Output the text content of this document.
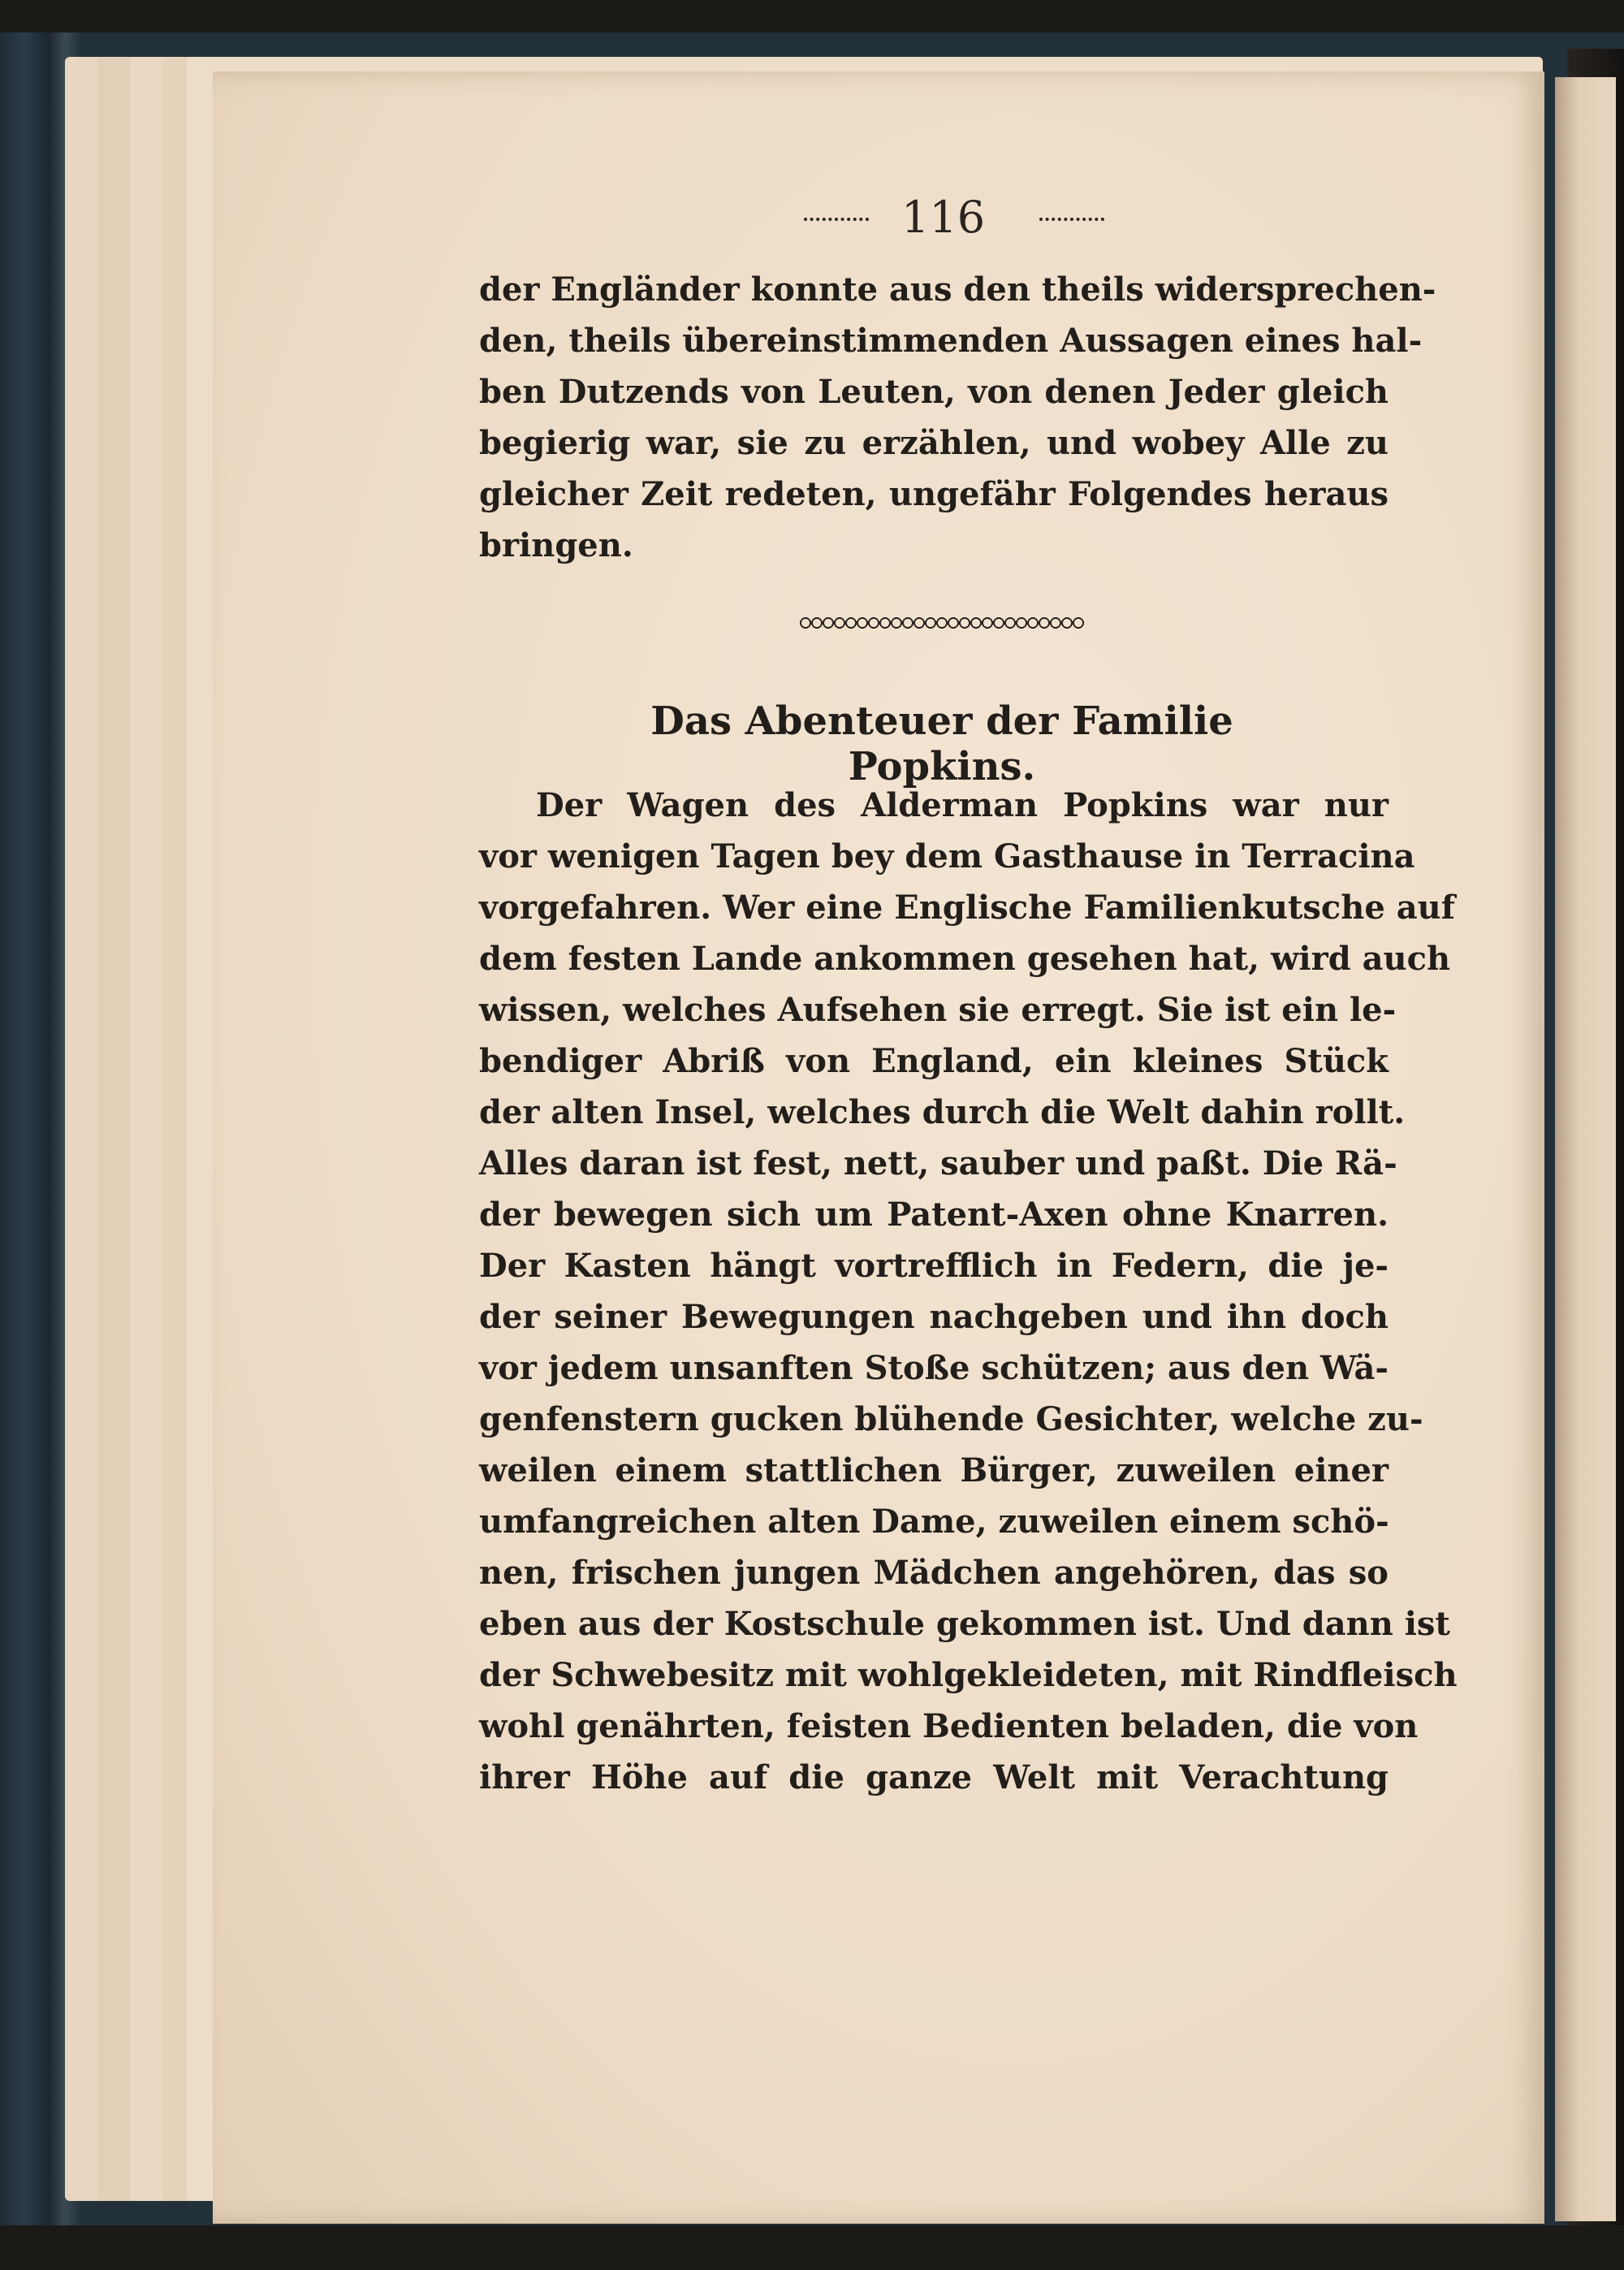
116
der Engländer konnte aus den theils widersprechen-
den, theils übereinstimmenden Aussagen eines hal-
ben Dutzends von Leuten, von denen Jeder gleich
begierig war, sie zu erzählen, und wobey Alle zu
gleicher Zeit redeten, ungefähr Folgendes heraus
bringen.
Das Abenteuer der Familie Popkins.
Der Wagen des Alderman Popkins war nur
vor wenigen Tagen bey dem Gasthause in Terracina
vorgefahren. Wer eine Englische Familienkutsche auf
dem festen Lande ankommen gesehen hat, wird auch
wissen, welches Aufsehen sie erregt. Sie ist ein le-
bendiger Abriß von England, ein kleines Stück
der alten Insel, welches durch die Welt dahin rollt.
Alles daran ist fest, nett, sauber und paßt. Die Rä-
der bewegen sich um Patent-Axen ohne Knarren.
Der Kasten hängt vortrefflich in Federn, die je-
der seiner Bewegungen nachgeben und ihn doch
vor jedem unsanften Stoße schützen; aus den Wä-
genfenstern gucken blühende Gesichter, welche zu-
weilen einem stattlichen Bürger, zuweilen einer
umfangreichen alten Dame, zuweilen einem schö-
nen, frischen jungen Mädchen angehören, das so
eben aus der Kostschule gekommen ist. Und dann ist
der Schwebesitz mit wohlgekleideten, mit Rindfleisch
wohl genährten, feisten Bedienten beladen, die von
ihrer Höhe auf die ganze Welt mit Verachtung
